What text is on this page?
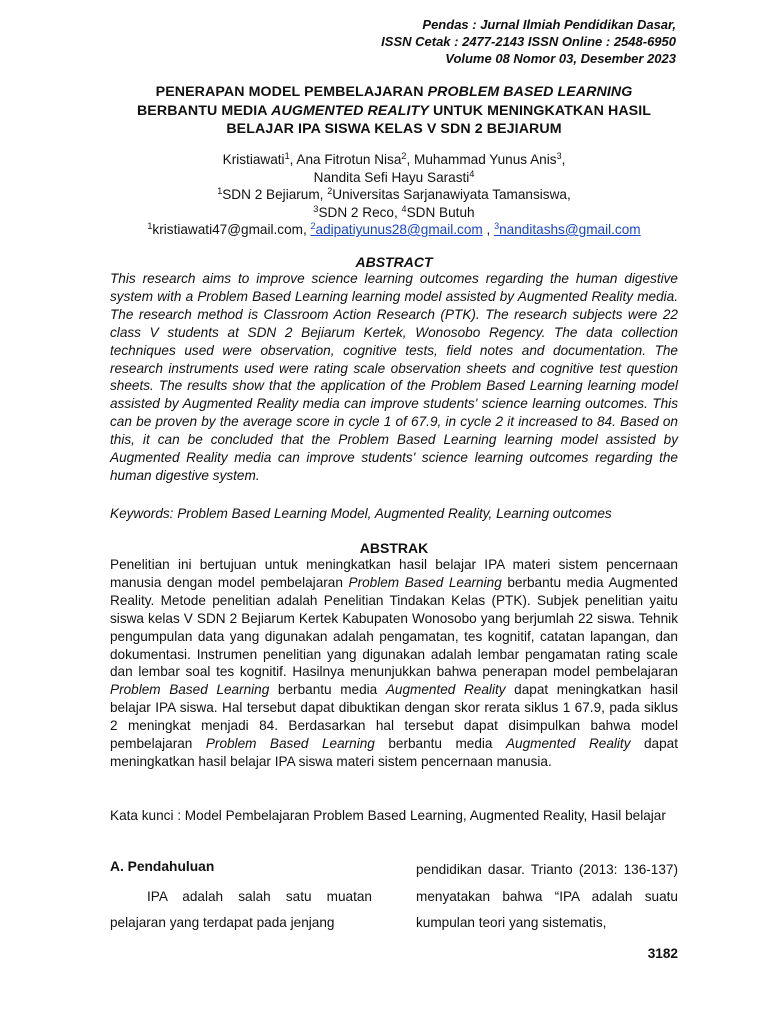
Pendas : Jurnal Ilmiah Pendidikan Dasar,
ISSN Cetak : 2477-2143 ISSN Online : 2548-6950
Volume 08 Nomor 03, Desember 2023
PENERAPAN MODEL PEMBELAJARAN PROBLEM BASED LEARNING
BERBANTU MEDIA AUGMENTED REALITY UNTUK MENINGKATKAN HASIL
BELAJAR IPA SISWA KELAS V SDN 2 BEJIARUM
Kristiawati$^1$, Ana Fitrotun Nisa$^2$, Muhammad Yunus Anis$^3$,
Nandita Sefi Hayu Sarasti$^4$
$^1$SDN 2 Bejiarum, $^2$Universitas Sarjanawiyata Tamansiswa,
$^3$SDN 2 Reco, $^4$SDN Butuh
$^1$kristiawati47@gmail.com, $^2$adipatiyunus28@gmail.com , $^3$nanditashs@gmail.com
ABSTRACT

This research aims to improve science learning outcomes regarding the human digestive system with a Problem Based Learning learning model assisted by Augmented Reality media. The research method is Classroom Action Research (PTK). The research subjects were 22 class V students at SDN 2 Bejiarum Kertek, Wonosobo Regency. The data collection techniques used were observation, cognitive tests, field notes and documentation. The research instruments used were rating scale observation sheets and cognitive test question sheets. The results show that the application of the Problem Based Learning learning model assisted by Augmented Reality media can improve students' science learning outcomes. This can be proven by the average score in cycle 1 of 67.9, in cycle 2 it increased to 84. Based on this, it can be concluded that the Problem Based Learning learning model assisted by Augmented Reality media can improve students' science learning outcomes regarding the human digestive system.

Keywords: Problem Based Learning Model, Augmented Reality, Learning outcomes

ABSTRAK

Penelitian ini bertujuan untuk meningkatkan hasil belajar IPA materi sistem pencernaan manusia dengan model pembelajaran Problem Based Learning berbantu media Augmented Reality. Metode penelitian adalah Penelitian Tindakan Kelas (PTK). Subjek penelitian yaitu siswa kelas V SDN 2 Bejiarum Kertek Kabupaten Wonosobo yang berjumlah 22 siswa. Tehnik pengumpulan data yang digunakan adalah pengamatan, tes kognitif, catatan lapangan, dan dokumentasi. Instrumen penelitian yang digunakan adalah lembar pengamatan rating scale dan lembar soal tes kognitif. Hasilnya menunjukkan bahwa penerapan model pembelajaran Problem Based Learning berbantu media Augmented Reality dapat meningkatkan hasil belajar IPA siswa. Hal tersebut dapat dibuktikan dengan skor rerata siklus 1 67.9, pada siklus 2 meningkat menjadi 84. Berdasarkan hal tersebut dapat disimpulkan bahwa model pembelajaran Problem Based Learning berbantu media Augmented Reality dapat meningkatkan hasil belajar IPA siswa materi sistem pencernaan manusia.

Kata kunci : Model Pembelajaran Problem Based Learning, Augmented Reality, Hasil belajar

A. Pendahuluan

IPA adalah salah satu muatan pelajaran yang terdapat pada jenjang

pendidikan dasar. Trianto (2013: 136-137) menyatakan bahwa “IPA adalah suatu kumpulan teori yang sistematis,

3182
